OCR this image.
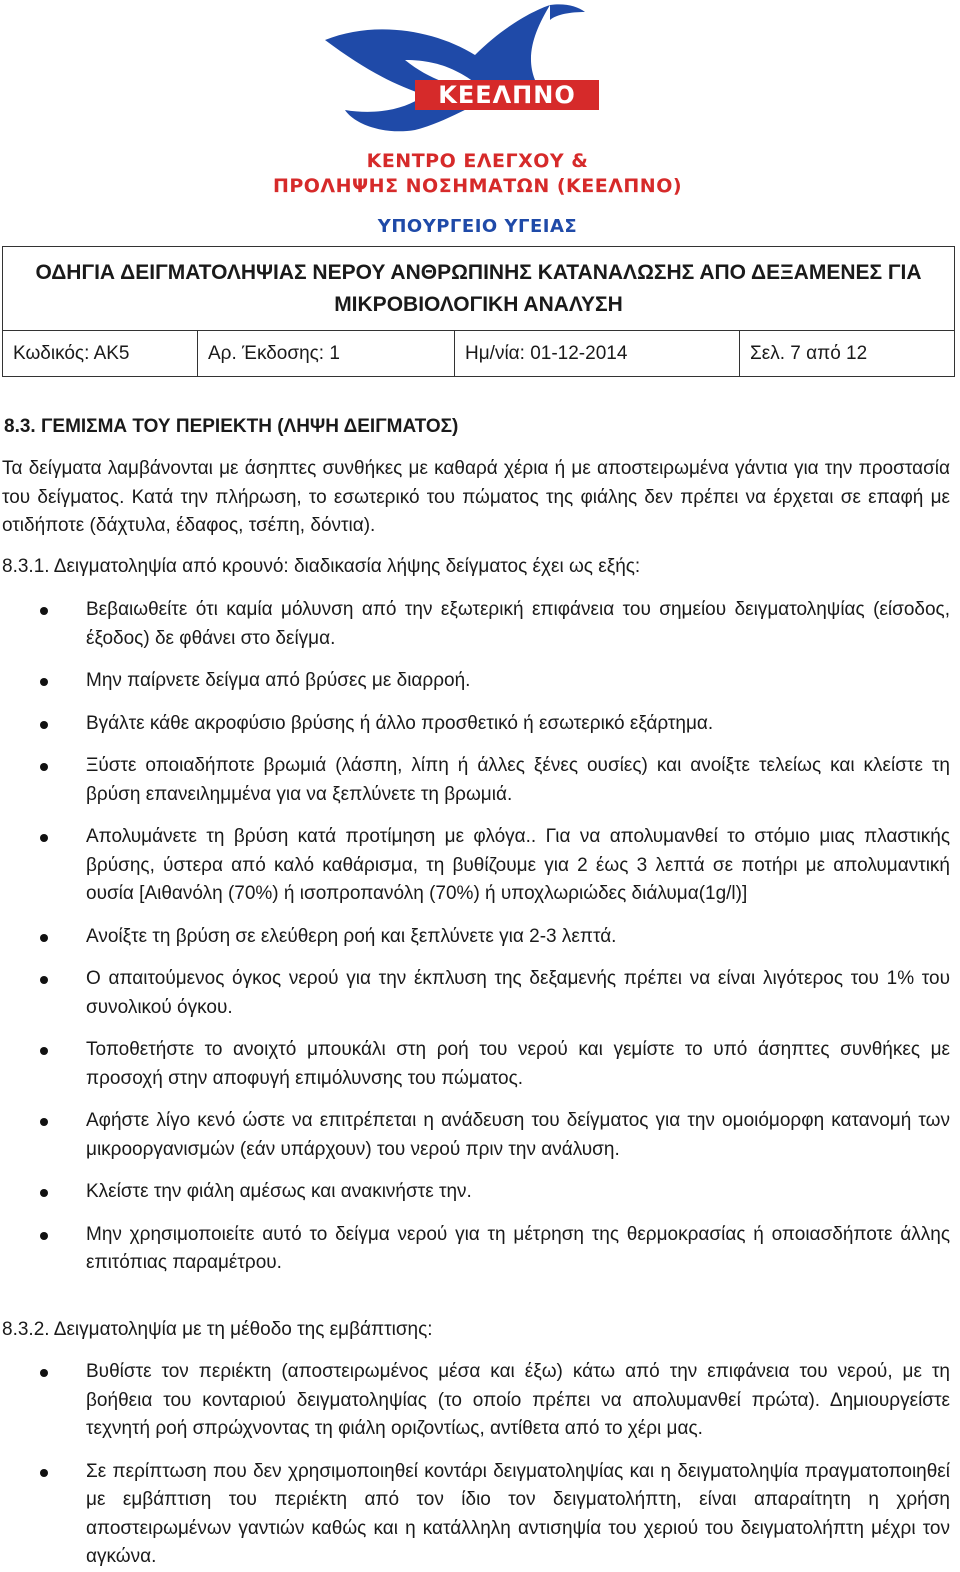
ΚΕΕΛΠΝΟ
ΚΕΝΤΡΟ ΕΛΕΓΧΟΥ &
ΠΡΟΛΗΨΗΣ ΝΟΣΗΜΑΤΩΝ (ΚΕΕΛΠΝΟ)
ΥΠΟΥΡΓΕΙΟ ΥΓΕΙΑΣ
ΟΔΗΓΙΑ ΔΕΙΓΜΑΤΟΛΗΨΙΑΣ ΝΕΡΟΥ ΑΝΘΡΩΠΙΝΗΣ ΚΑΤΑΝΑΛΩΣΗΣ ΑΠΟ ΔΕΞΑΜΕΝΕΣ ΓΙΑ ΜΙΚΡΟΒΙΟΛΟΓΙΚΗ ΑΝΑΛΥΣΗ
Κωδικός: ΑΚ5	Αρ. Έκδοσης: 1	Ημ/νία: 01-12-2014	Σελ. 7 από 12
8.3. ΓΕΜΙΣΜΑ ΤΟΥ ΠΕΡΙΕΚΤΗ (ΛΗΨΗ ΔΕΙΓΜΑΤΟΣ)
Τα δείγματα λαμβάνονται με άσηπτες συνθήκες με καθαρά χέρια ή με αποστειρωμένα γάντια για την προστασία του δείγματος. Κατά την πλήρωση, το εσωτερικό του πώματος της φιάλης δεν πρέπει να έρχεται σε επαφή με οτιδήποτε (δάχτυλα, έδαφος, τσέπη, δόντια).
8.3.1. Δειγματοληψία από κρουνό: διαδικασία λήψης δείγματος έχει ως εξής:
Βεβαιωθείτε ότι καμία μόλυνση από την εξωτερική επιφάνεια του σημείου δειγματοληψίας (είσοδος, έξοδος) δε φθάνει στο δείγμα.
Μην παίρνετε δείγμα από βρύσες με διαρροή.
Βγάλτε κάθε ακροφύσιο βρύσης ή άλλο προσθετικό ή εσωτερικό εξάρτημα.
Ξύστε οποιαδήποτε βρωμιά (λάσπη, λίπη ή άλλες ξένες ουσίες) και ανοίξτε τελείως και κλείστε τη βρύση επανειλημμένα για να ξεπλύνετε τη βρωμιά.
Απολυμάνετε τη βρύση κατά προτίμηση με φλόγα.. Για να απολυμανθεί το στόμιο μιας πλαστικής βρύσης, ύστερα από καλό καθάρισμα, τη βυθίζουμε για 2 έως 3 λεπτά σε ποτήρι με απολυμαντική ουσία [Αιθανόλη (70%) ή ισοπροπανόλη (70%) ή υποχλωριώδες διάλυμα(1g/l)]
Ανοίξτε τη βρύση σε ελεύθερη ροή και ξεπλύνετε για 2-3 λεπτά.
Ο απαιτούμενος όγκος νερού για την έκπλυση της δεξαμενής πρέπει να είναι λιγότερος του 1% του συνολικού όγκου.
Τοποθετήστε το ανοιχτό μπουκάλι στη ροή του νερού και γεμίστε το υπό άσηπτες συνθήκες με προσοχή στην αποφυγή επιμόλυνσης του πώματος.
Αφήστε λίγο κενό ώστε να επιτρέπεται η ανάδευση του δείγματος για την ομοιόμορφη κατανομή των μικροοργανισμών (εάν υπάρχουν) του νερού πριν την ανάλυση.
Κλείστε την φιάλη αμέσως και ανακινήστε την.
Μην χρησιμοποιείτε αυτό το δείγμα νερού για τη μέτρηση της θερμοκρασίας ή οποιασδήποτε άλλης επιτόπιας παραμέτρου.
8.3.2. Δειγματοληψία με τη μέθοδο της εμβάπτισης:
Βυθίστε τον περιέκτη (αποστειρωμένος μέσα και έξω) κάτω από την επιφάνεια του νερού, με τη βοήθεια του κονταριού δειγματοληψίας (το οποίο πρέπει να απολυμανθεί πρώτα). Δημιουργείστε τεχνητή ροή σπρώχνοντας τη φιάλη οριζοντίως, αντίθετα από το χέρι μας.
Σε περίπτωση που δεν χρησιμοποιηθεί κοντάρι δειγματοληψίας και η δειγματοληψία πραγματοποιηθεί με εμβάπτιση του περιέκτη από τον ίδιο τον δειγματολήπτη, είναι απαραίτητη η χρήση αποστειρωμένων γαντιών καθώς και η κατάλληλη αντισηψία του χεριού του δειγματολήπτη μέχρι τον αγκώνα.
